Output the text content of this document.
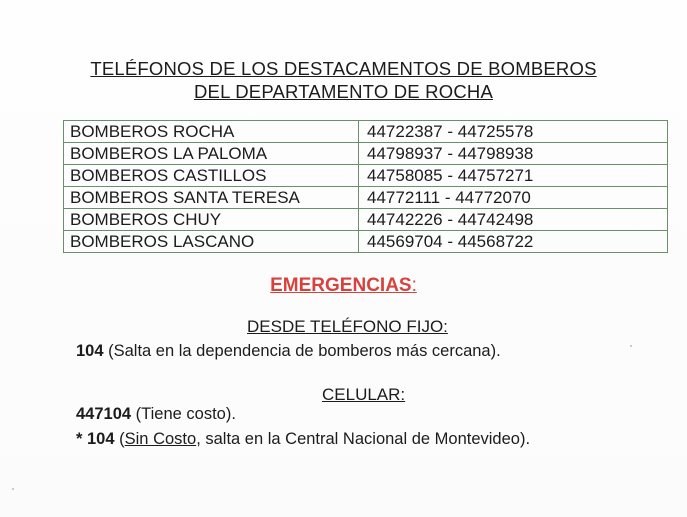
TELÉFONOS DE LOS DESTACAMENTOS DE BOMBEROS
DEL DEPARTAMENTO DE ROCHA
BOMBEROS ROCHA	44722387 - 44725578
BOMBEROS LA PALOMA	44798937 - 44798938
BOMBEROS CASTILLOS	44758085 - 44757271
BOMBEROS SANTA TERESA	44772111 - 44772070
BOMBEROS CHUY	44742226 - 44742498
BOMBEROS LASCANO	44569704 - 44568722
EMERGENCIAS:
DESDE TELÉFONO FIJO:
104 (Salta en la dependencia de bomberos más cercana).
CELULAR:
447104 (Tiene costo).
* 104 (Sin Costo, salta en la Central Nacional de Montevideo).
